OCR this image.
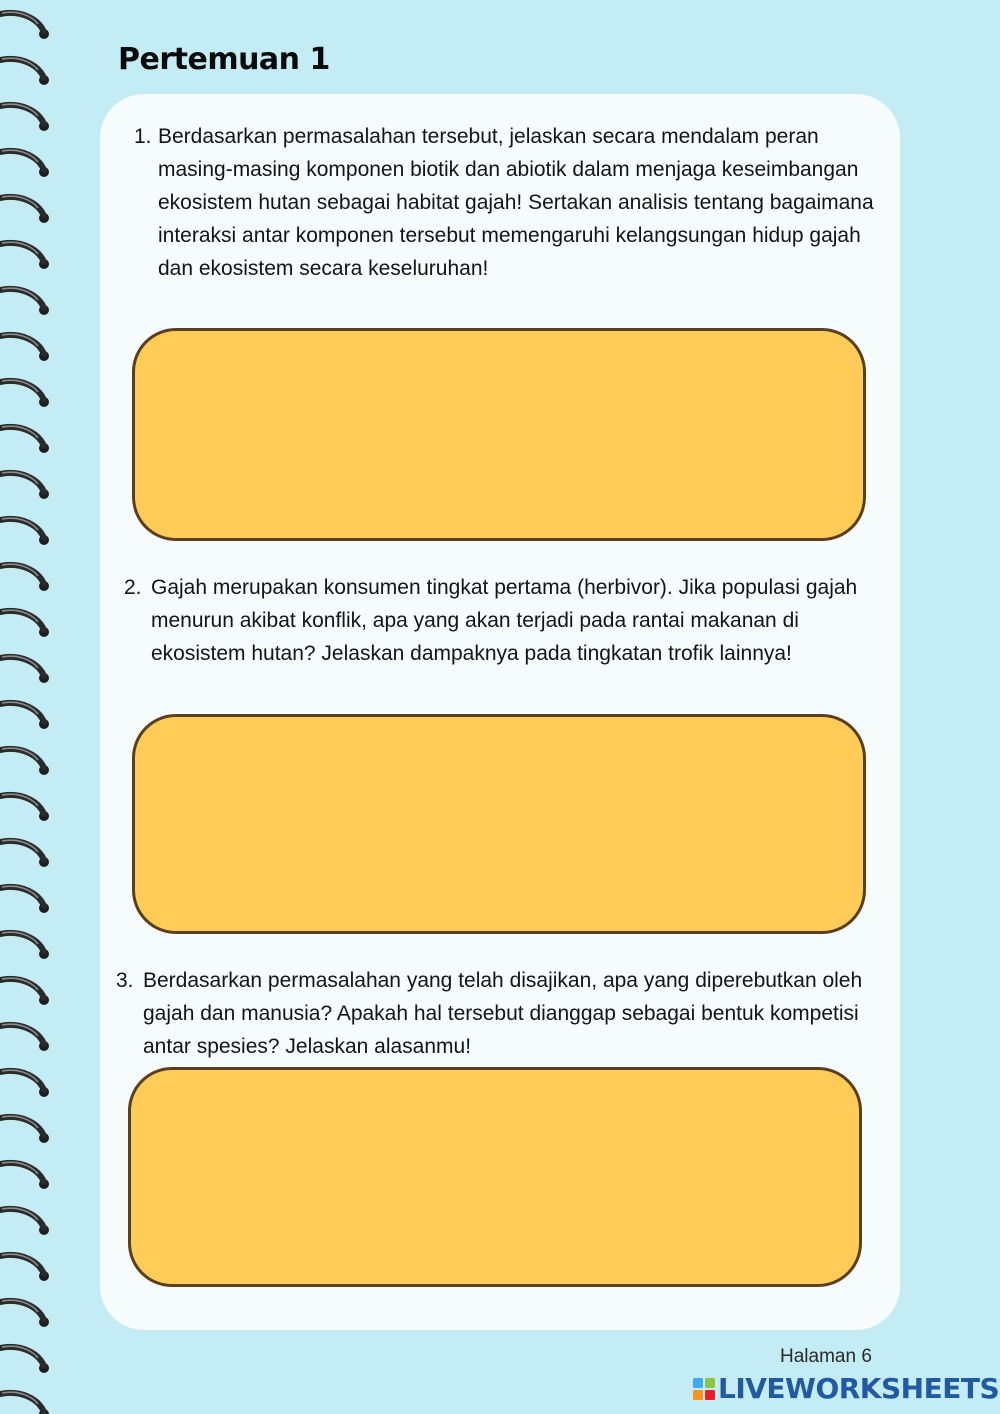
Pertemuan 1
1. Berdasarkan permasalahan tersebut, jelaskan secara mendalam peran masing-masing komponen biotik dan abiotik dalam menjaga keseimbangan ekosistem hutan sebagai habitat gajah! Sertakan analisis tentang bagaimana interaksi antar komponen tersebut memengaruhi kelangsungan hidup gajah dan ekosistem secara keseluruhan!
2. Gajah merupakan konsumen tingkat pertama (herbivor). Jika populasi gajah menurun akibat konflik, apa yang akan terjadi pada rantai makanan di ekosistem hutan? Jelaskan dampaknya pada tingkatan trofik lainnya!
3. Berdasarkan permasalahan yang telah disajikan, apa yang diperebutkan oleh gajah dan manusia? Apakah hal tersebut dianggap sebagai bentuk kompetisi antar spesies? Jelaskan alasanmu!
Halaman 6
LIVEWORKSHEETS
